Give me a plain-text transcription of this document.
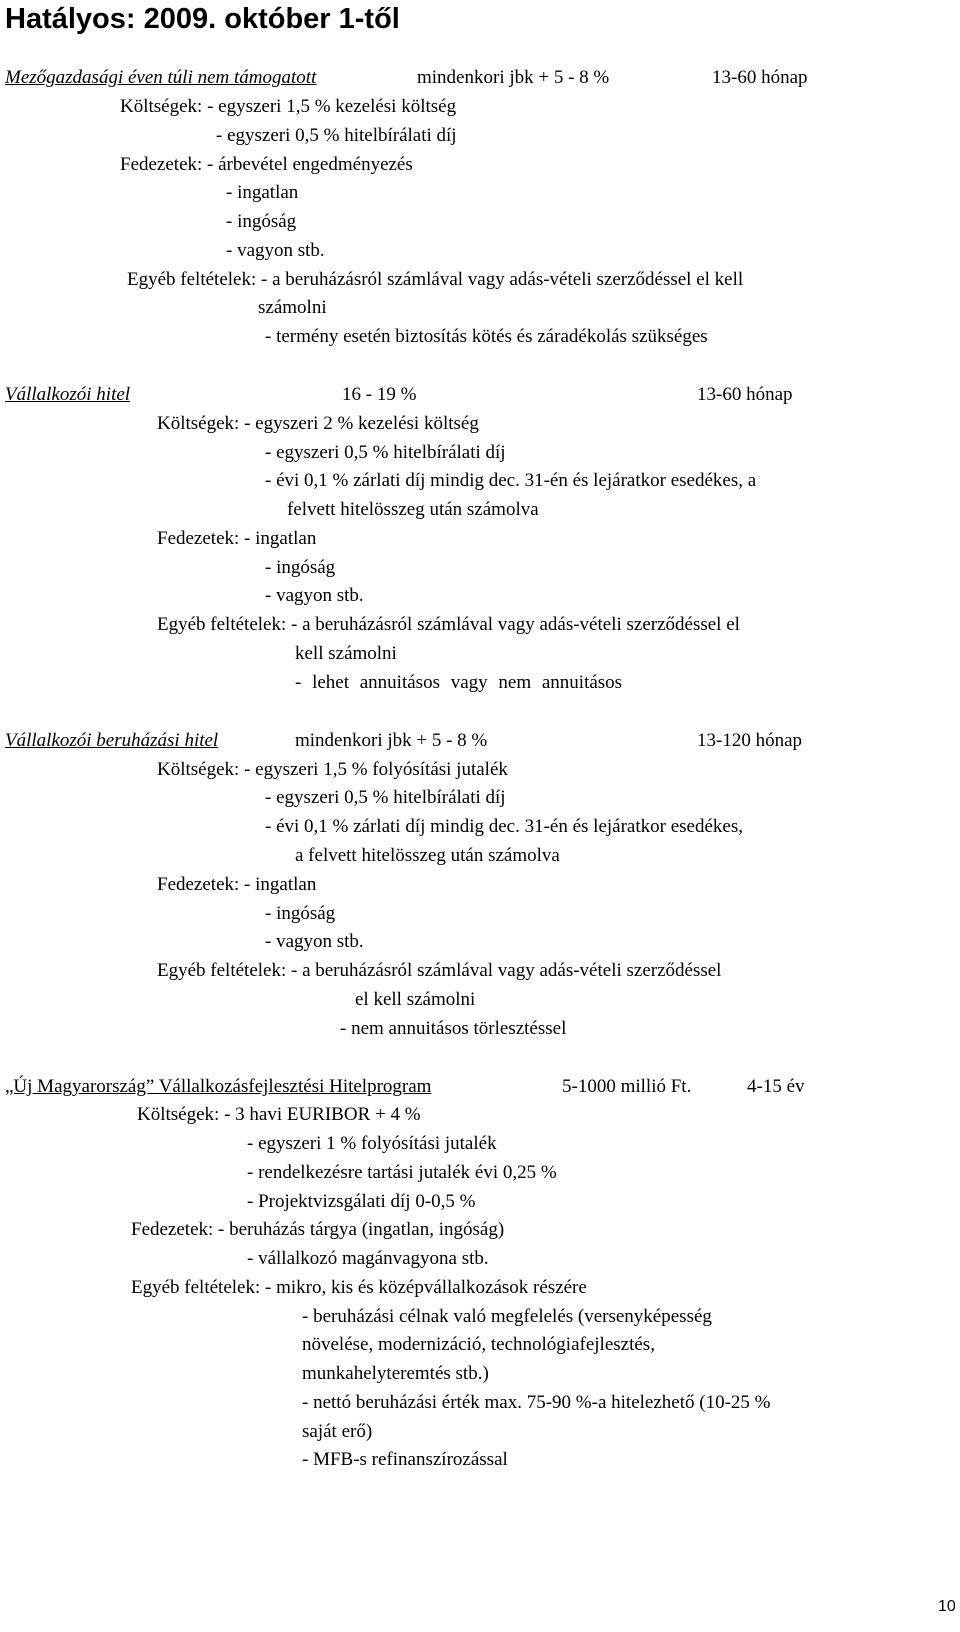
Hatályos: 2009. október 1-től
Mezőgazdasági éven túli nem támogatott	mindenkori jbk + 5 - 8 %	13-60 hónap
Költségek: - egyszeri 1,5 % kezelési költség
- egyszeri 0,5 % hitelbírálati díj
Fedezetek: - árbevétel engedményezés
- ingatlan
- ingóság
- vagyon stb.
Egyéb feltételek: - a beruházásról számlával vagy adás-vételi szerződéssel el kell
számolni
- termény esetén biztosítás kötés és záradékolás szükséges
Vállalkozói hitel	16 - 19 %	13-60 hónap
Költségek: - egyszeri 2 % kezelési költség
- egyszeri 0,5 % hitelbírálati díj
- évi 0,1 % zárlati díj mindig dec. 31-én és lejáratkor esedékes, a
felvett hitelösszeg után számolva
Fedezetek: - ingatlan
- ingóság
- vagyon stb.
Egyéb feltételek: - a beruházásról számlával vagy adás-vételi szerződéssel el
kell számolni
- lehet annuitásos vagy nem annuitásos
Vállalkozói beruházási hitel	mindenkori jbk + 5 - 8 %	13-120 hónap
Költségek: - egyszeri 1,5 % folyósítási jutalék
- egyszeri 0,5 % hitelbírálati díj
- évi 0,1 % zárlati díj mindig dec. 31-én és lejáratkor esedékes,
a felvett hitelösszeg után számolva
Fedezetek: - ingatlan
- ingóság
- vagyon stb.
Egyéb feltételek: - a beruházásról számlával vagy adás-vételi szerződéssel
el kell számolni
- nem annuitásos törlesztéssel
„Új Magyarország” Vállalkozásfejlesztési Hitelprogram	5-1000 millió Ft.	4-15 év
Költségek: - 3 havi EURIBOR + 4 %
- egyszeri 1 % folyósítási jutalék
- rendelkezésre tartási jutalék évi 0,25 %
- Projektvizsgálati díj 0-0,5 %
Fedezetek: - beruházás tárgya (ingatlan, ingóság)
- vállalkozó magánvagyona stb.
Egyéb feltételek: - mikro, kis és középvállalkozások részére
- beruházási célnak való megfelelés (versenyképesség
növelése, modernizáció, technológiafejlesztés,
munkahelyteremtés stb.)
- nettó beruházási érték max. 75-90 %-a hitelezhető (10-25 %
saját erő)
- MFB-s refinanszírozással
10
